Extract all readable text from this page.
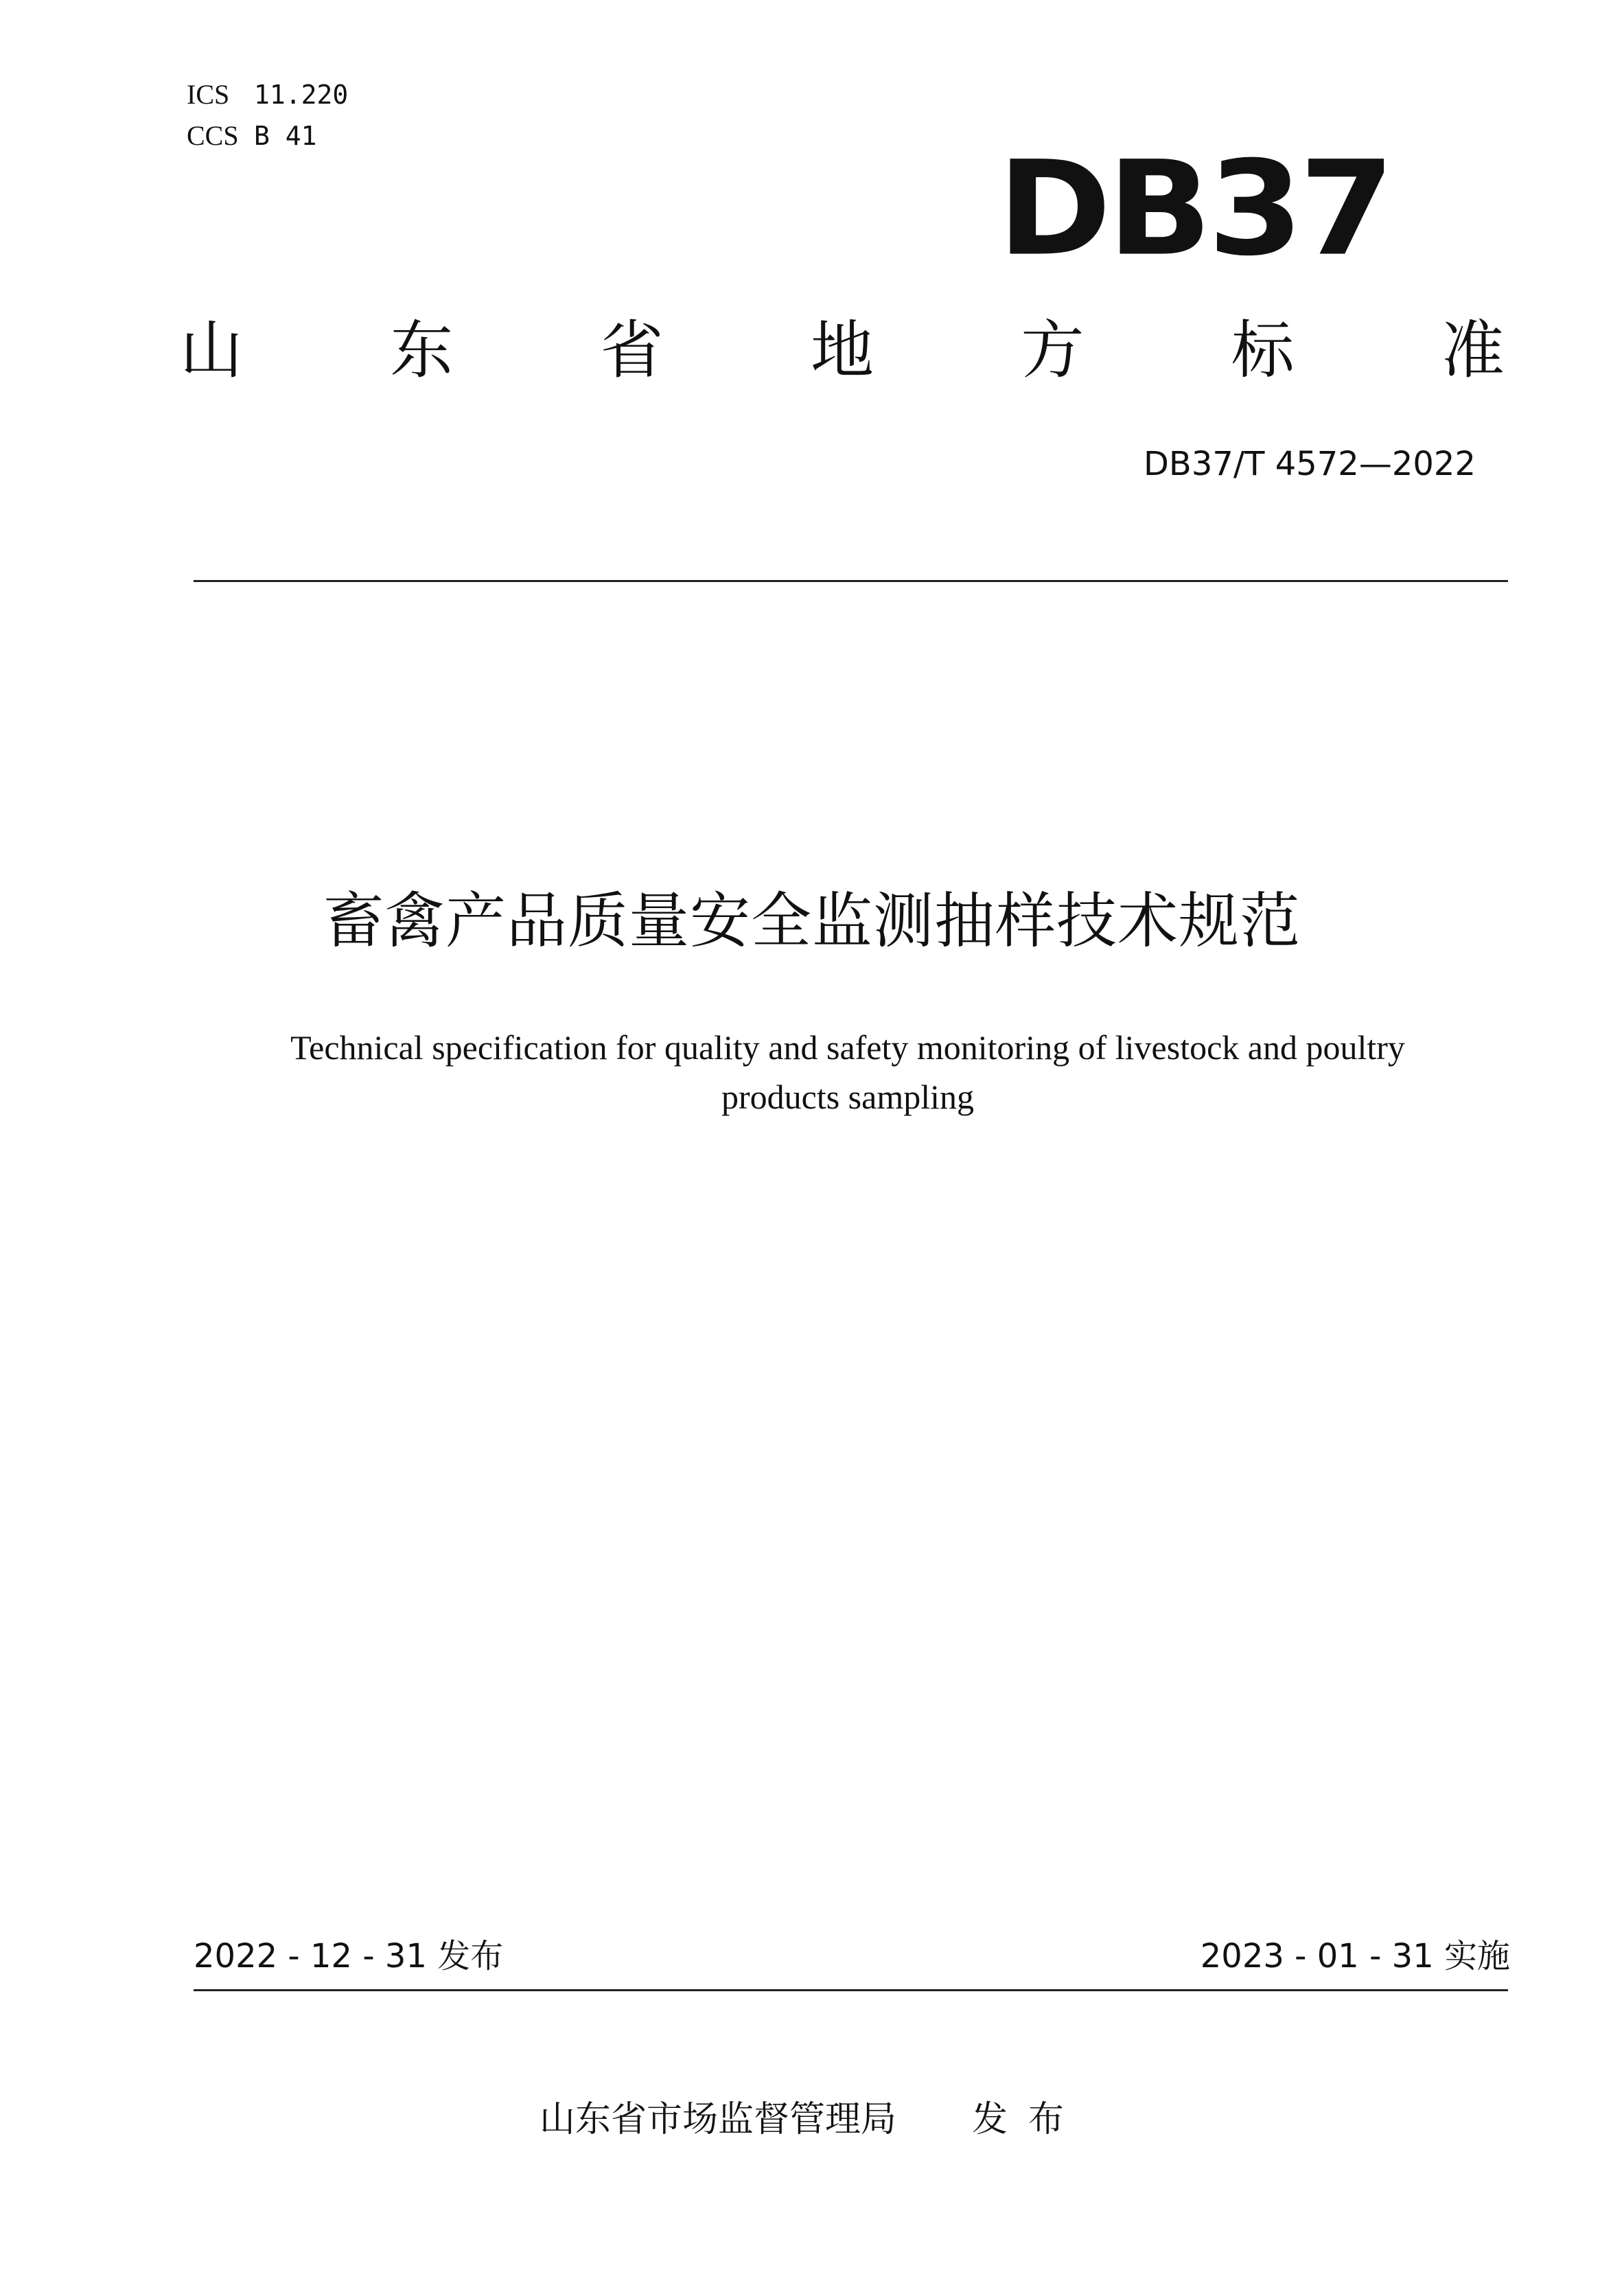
ICS 11.220
CCS B 41	DB37
山 东 省 地 方 标 准
DB37/T 4572—2022
畜禽产品质量安全监测抽样技术规范
Technical specification for quality and safety monitoring of livestock and poultry
products sampling
2022 - 12 - 31 发布	2023 - 01 - 31 实施
山东省市场监督管理局 发布
